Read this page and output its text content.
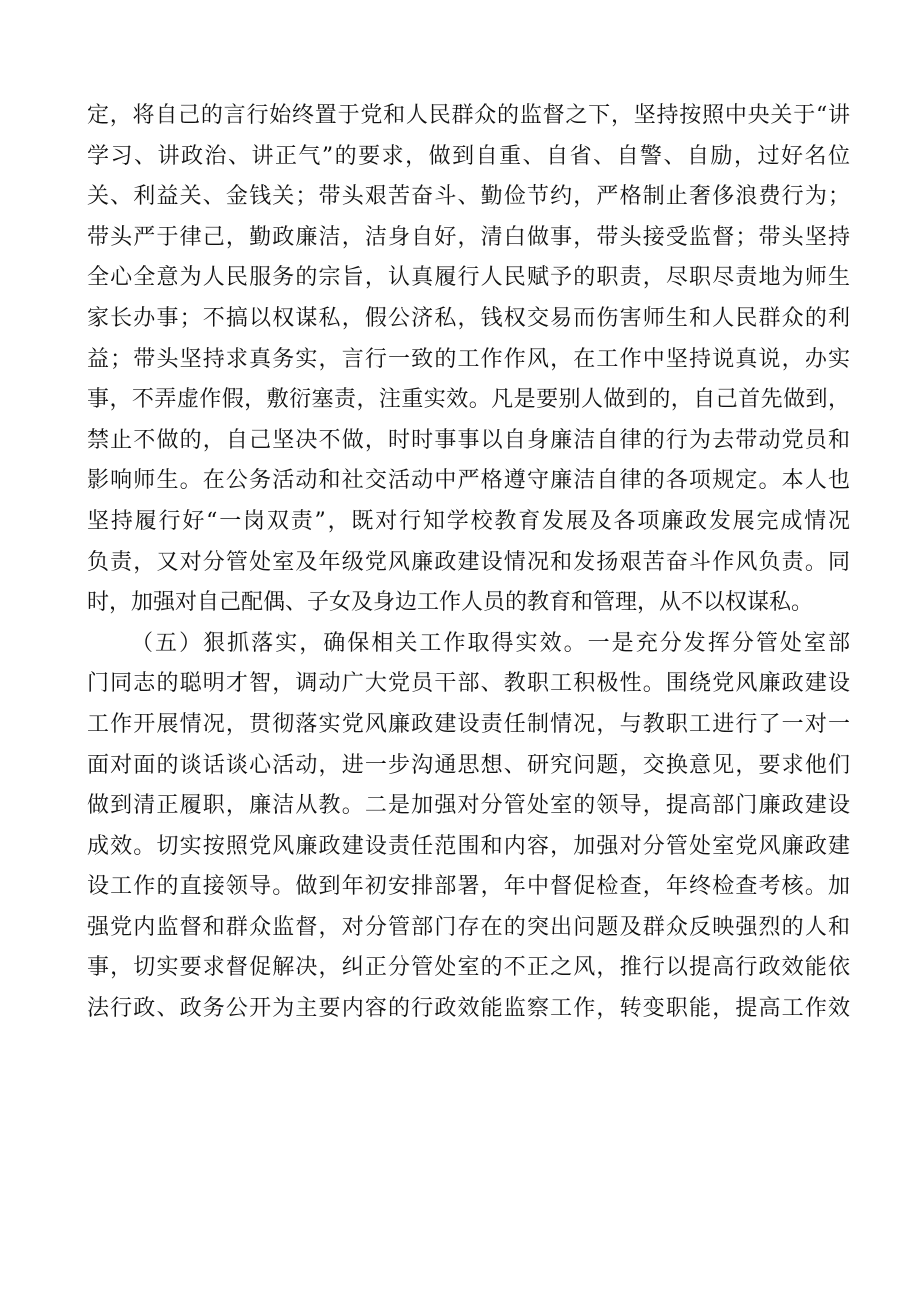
定，将自己的言行始终置于党和人民群众的监督之下，坚持按照中央关于“讲
学习、讲政治、讲正气”的要求，做到自重、自省、自警、自励，过好名位
关、利益关、金钱关；带头艰苦奋斗、勤俭节约，严格制止奢侈浪费行为；
带头严于律己，勤政廉洁，洁身自好，清白做事，带头接受监督；带头坚持
全心全意为人民服务的宗旨，认真履行人民赋予的职责，尽职尽责地为师生
家长办事；不搞以权谋私，假公济私，钱权交易而伤害师生和人民群众的利
益；带头坚持求真务实，言行一致的工作作风，在工作中坚持说真说，办实
事，不弄虚作假，敷衍塞责，注重实效。凡是要别人做到的，自己首先做到，
禁止不做的，自己坚决不做，时时事事以自身廉洁自律的行为去带动党员和
影响师生。在公务活动和社交活动中严格遵守廉洁自律的各项规定。本人也
坚持履行好“一岗双责”，既对行知学校教育发展及各项廉政发展完成情况
负责，又对分管处室及年级党风廉政建设情况和发扬艰苦奋斗作风负责。同
时，加强对自己配偶、子女及身边工作人员的教育和管理，从不以权谋私。
（五）狠抓落实，确保相关工作取得实效。一是充分发挥分管处室部
门同志的聪明才智，调动广大党员干部、教职工积极性。围绕党风廉政建设
工作开展情况，贯彻落实党风廉政建设责任制情况，与教职工进行了一对一
面对面的谈话谈心活动，进一步沟通思想、研究问题，交换意见，要求他们
做到清正履职，廉洁从教。二是加强对分管处室的领导，提高部门廉政建设
成效。切实按照党风廉政建设责任范围和内容，加强对分管处室党风廉政建
设工作的直接领导。做到年初安排部署，年中督促检查，年终检查考核。加
强党内监督和群众监督，对分管部门存在的突出问题及群众反映强烈的人和
事，切实要求督促解决，纠正分管处室的不正之风，推行以提高行政效能依
法行政、政务公开为主要内容的行政效能监察工作，转变职能，提高工作效
